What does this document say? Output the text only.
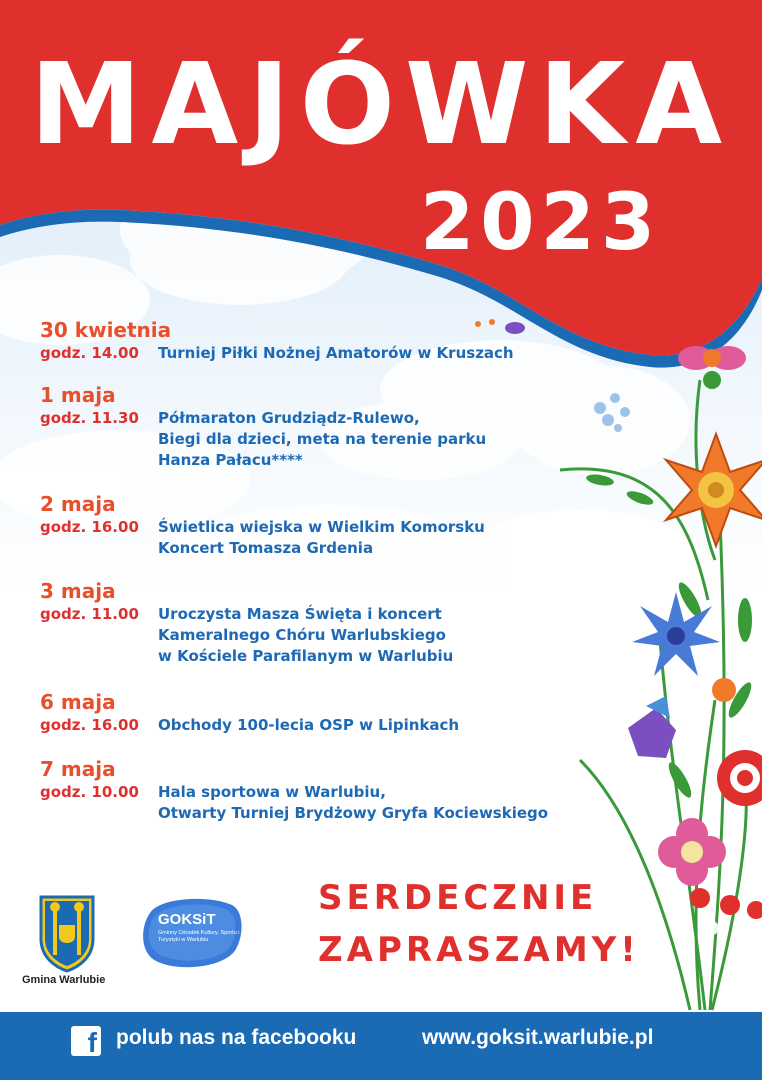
MAJÓWKA
2023
30 kwietnia
godz. 14.00	Turniej Piłki Nożnej Amatorów w Kruszach
1 maja
godz. 11.30	Półmaraton Grudziądz-Rulewo,
Biegi dla dzieci, meta na terenie parku
Hanza Pałacu****
2 maja
godz. 16.00	Świetlica wiejska w Wielkim Komorsku
Koncert Tomasza Grdenia
3 maja
godz. 11.00	Uroczysta Masza Święta i koncert
Kameralnego Chóru Warlubskiego
w Kościele Parafilanym w Warlubiu
6 maja
godz. 16.00	Obchody 100-lecia OSP w Lipinkach
7 maja
godz. 10.00	Hala sportowa w Warlubiu,
Otwarty Turniej Brydżowy Gryfa Kociewskiego
Gmina Warlubie
GOKSiT
Gminny Ośrodek Kultury, Sportu i Turystyki w Warlubiu
SERDECZNIE
ZAPRASZAMY!
f polub nas na facebooku	www.goksit.warlubie.pl
